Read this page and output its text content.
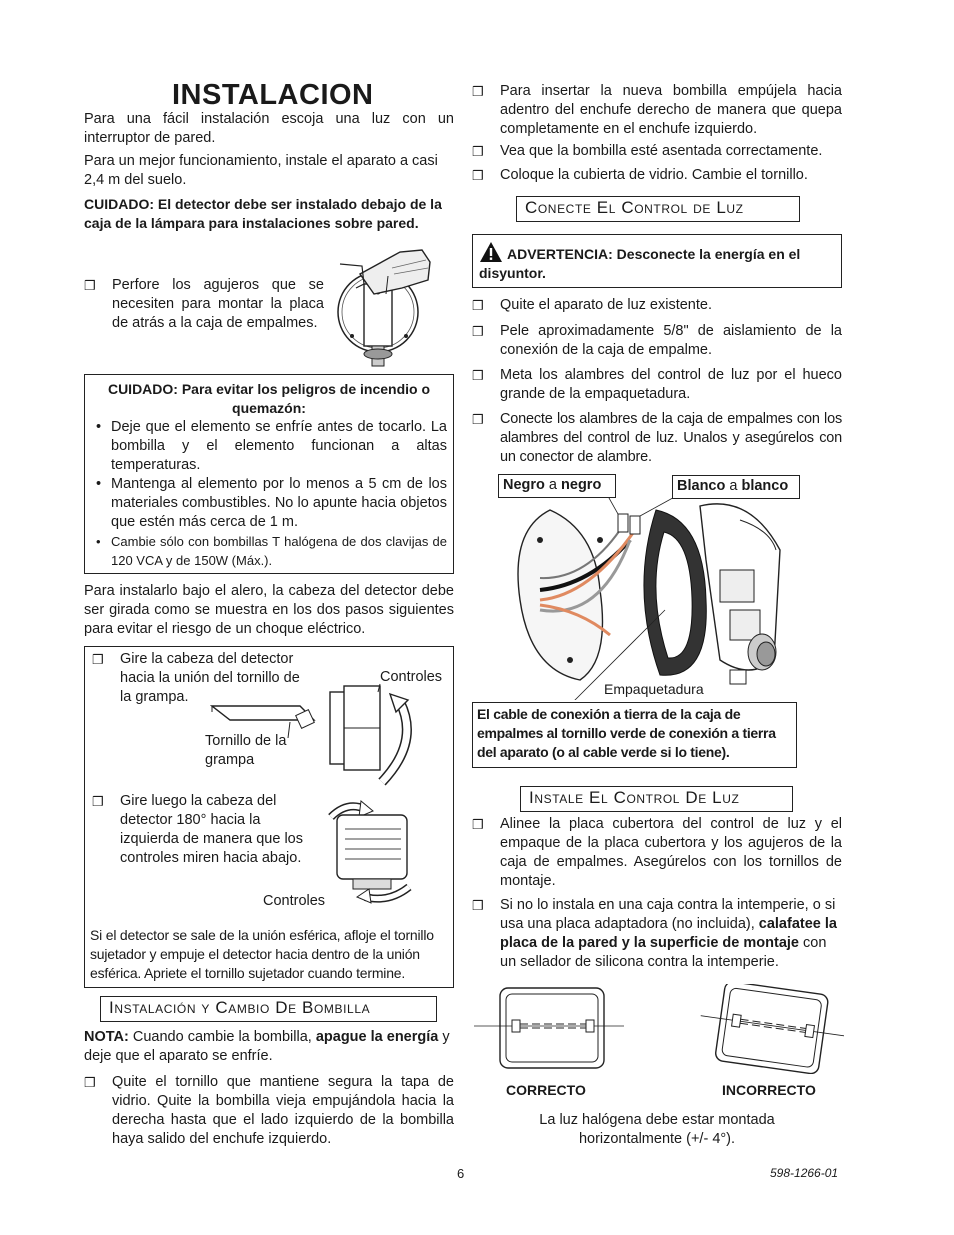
INSTALACION

Para una fácil instalación escoja una luz con un interruptor de pared.

Para un mejor funcionamiento, instale el aparato a casi 2,4 m del suelo.

CUIDADO: El detector debe ser instalado debajo de la caja de la lámpara para instalaciones sobre pared.

❒ Perfore los agujeros que se necesiten para montar la placa de atrás a la caja de empalmes.

CUIDADO: Para evitar los peligros de incendio o quemazón:

• Deje que el elemento se enfríe antes de tocarlo. La bombilla y el elemento funcionan a altas temperaturas.
• Mantenga al elemento por lo menos a 5 cm de los materiales combustibles. No lo apunte hacia objetos que estén más cerca de 1 m.
• Cambie sólo con bombillas T halógena de dos clavijas de 120 VCA y de 150W (Máx.).

Para instalarlo bajo el alero, la cabeza del detector debe ser girada como se muestra en los dos pasos siguientes para evitar el riesgo de un choque eléctrico.

❒ Gire la cabeza del detector hacia la unión del tornillo de la grampa.

Controles

Tornillo de la grampa

❒ Gire luego la cabeza del detector 180° hacia la izquierda de manera que los controles miren hacia abajo.

Controles

Si el detector se sale de la unión esférica, afloje el tornillo sujetador y empuje el detector hacia dentro de la unión esférica. Apriete el tornillo sujetador cuando termine.

Instalación y Cambio De Bombilla

NOTA: Cuando cambie la bombilla, apague la energía y deje que el aparato se enfríe.

❒ Quite el tornillo que mantiene segura la tapa de vidrio. Quite la bombilla vieja empujándola hacia la derecha hasta que el lado izquierdo de la bombilla haya salido del enchufe izquierdo.

❒ Para insertar la nueva bombilla empújela hacia adentro del enchufe derecho de manera que quepa completamente en el enchufe izquierdo.

❒ Vea que la bombilla esté asentada correctamente.

❒ Coloque la cubierta de vidrio. Cambie el tornillo.

Conecte El Control de Luz

ADVERTENCIA: Desconecte la energía en el disyuntor.

❒ Quite el aparato de luz existente.

❒ Pele aproximadamente 5/8" de aislamiento de la conexión de la caja de empalme.

❒ Meta los alambres del control de luz por el hueco grande de la empaquetadura.

❒ Conecte los alambres de la caja de empalmes con los alambres del control de luz. Unalos y asegúrelos con un conector de alambre.

Negro a negro	Blanco a blanco
Empaquetadura

El cable de conexión a tierra de la caja de empalmes al tornillo verde de conexión a tierra del aparato (o al cable verde si lo tiene).

Instale El Control De Luz
❒ Alinee la placa cubertora del control de luz y el empaque de la placa cubertora y los agujeros de la caja de empalmes. Asegúrelos con los tornillos de montaje.

❒ Si no lo instala en una caja contra la intemperie, o si usa una placa adaptadora (no incluida), calafatee la placa de la pared y la superficie de montaje con un sellador de silicona contra la intemperie.

CORRECTO	INCORRECTO

La luz halógena debe estar montada horizontalmente (+/- 4°).

6	598-1266-01
